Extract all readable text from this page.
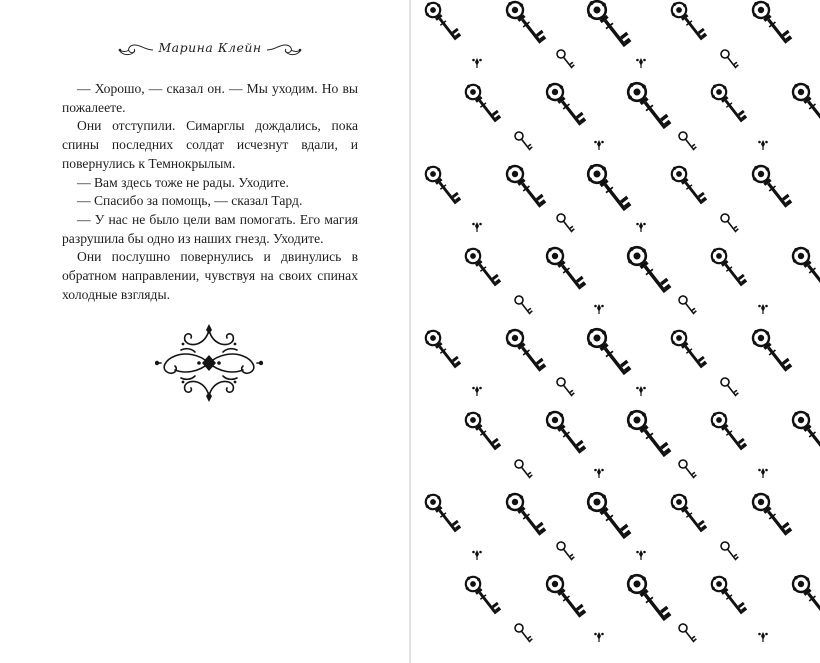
Марина Клейн

— Хорошо, — сказал он. — Мы уходим. Но вы пожалеете.

Они отступили. Симарглы дождались, пока спины последних солдат исчезнут вдали, и повернулись к Темнокрылым.

— Вам здесь тоже не рады. Уходите.

— Спасибо за помощь, — сказал Тард.

— У нас не было цели вам помогать. Его магия разрушила бы одно из наших гнезд. Уходите.

Они послушно повернулись и двинулись в обратном направлении, чувствуя на своих спинах холодные взгляды.
